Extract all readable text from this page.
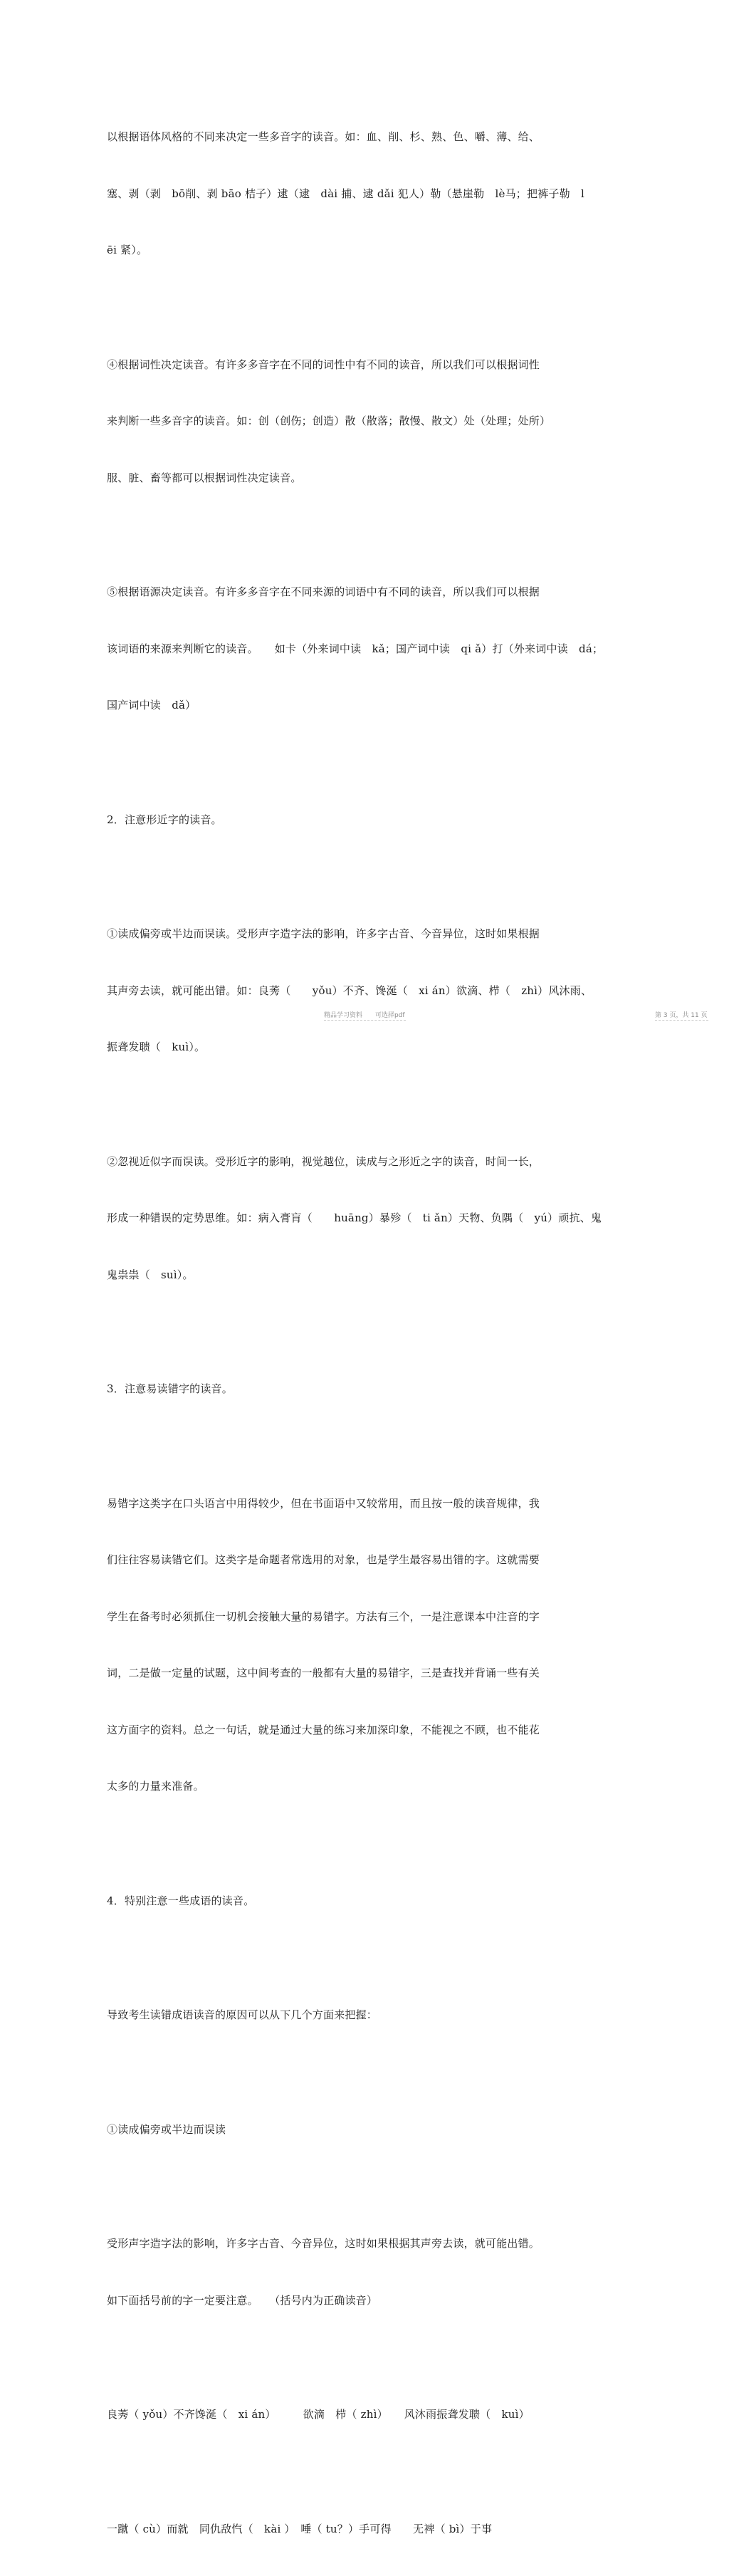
以根据语体风格的不同来决定一些多音字的读音。如：血、削、杉、熟、色、嚼、薄、给、

塞、剥（剥　bō削、剥 bāo 桔子）逮（逮　dài 捕、逮 dǎi 犯人）勒（悬崖勒　lè马；把裤子勒　l

ēi 紧）。

④根据词性决定读音。有许多多音字在不同的词性中有不同的读音，所以我们可以根据词性

来判断一些多音字的读音。如：创（创伤；创造）散（散落；散慢、散文）处（处理；处所）

服、脏、畜等都可以根据词性决定读音。

⑤根据语源决定读音。有许多多音字在不同来源的词语中有不同的读音，所以我们可以根据

该词语的来源来判断它的读音。　　如卡（外来词中读　kǎ；国产词中读　qi ǎ）打（外来词中读　dá；

国产词中读　dǎ）

2．注意形近字的读音。

①读成偏旁或半边而误读。受形声字造字法的影响，许多字古音、今音异位，这时如果根据

其声旁去读，就可能出错。如：良莠（　　yǒu）不齐、馋涎（　xi án）欲滴、栉（　zhì）风沐雨、

振聋发聩（　kuì）。

②忽视近似字而误读。受形近字的影响，视觉越位，读成与之形近之字的读音，时间一长，

形成一种错误的定势思维。如：病入膏肓（　　huāng）暴殄（　ti ǎn）天物、负隅（　yú）顽抗、鬼

鬼祟祟（　suì）。

3．注意易读错字的读音。

易错字这类字在口头语言中用得较少，但在书面语中又较常用，而且按一般的读音规律，我

们往往容易读错它们。这类字是命题者常选用的对象，也是学生最容易出错的字。这就需要

学生在备考时必须抓住一切机会接触大量的易错字。方法有三个，一是注意课本中注音的字

词，二是做一定量的试题，这中间考查的一般都有大量的易错字，三是查找并背诵一些有关

这方面字的资料。总之一句话，就是通过大量的练习来加深印象，不能视之不顾，也不能花

太多的力量来准备。

4．特别注意一些成语的读音。

导致考生读错成语读音的原因可以从下几个方面来把握：

①读成偏旁或半边而误读

受形声字造字法的影响，许多字古音、今音异位，这时如果根据其声旁去读，就可能出错。

如下面括号前的字一定要注意。　　（括号内为正确读音）

良莠（ yǒu）不齐馋涎（　xi án）　　　欲滴　栉（ zhì）　　风沐雨振聋发聩（　kuì）

一蹴（ cù）而就　同仇敌忾（　kài ）　唾（ tu？）手可得　　无裨（ bì）于事

精品学习资料　　可选择pdf	第 3 页，共 11 页
